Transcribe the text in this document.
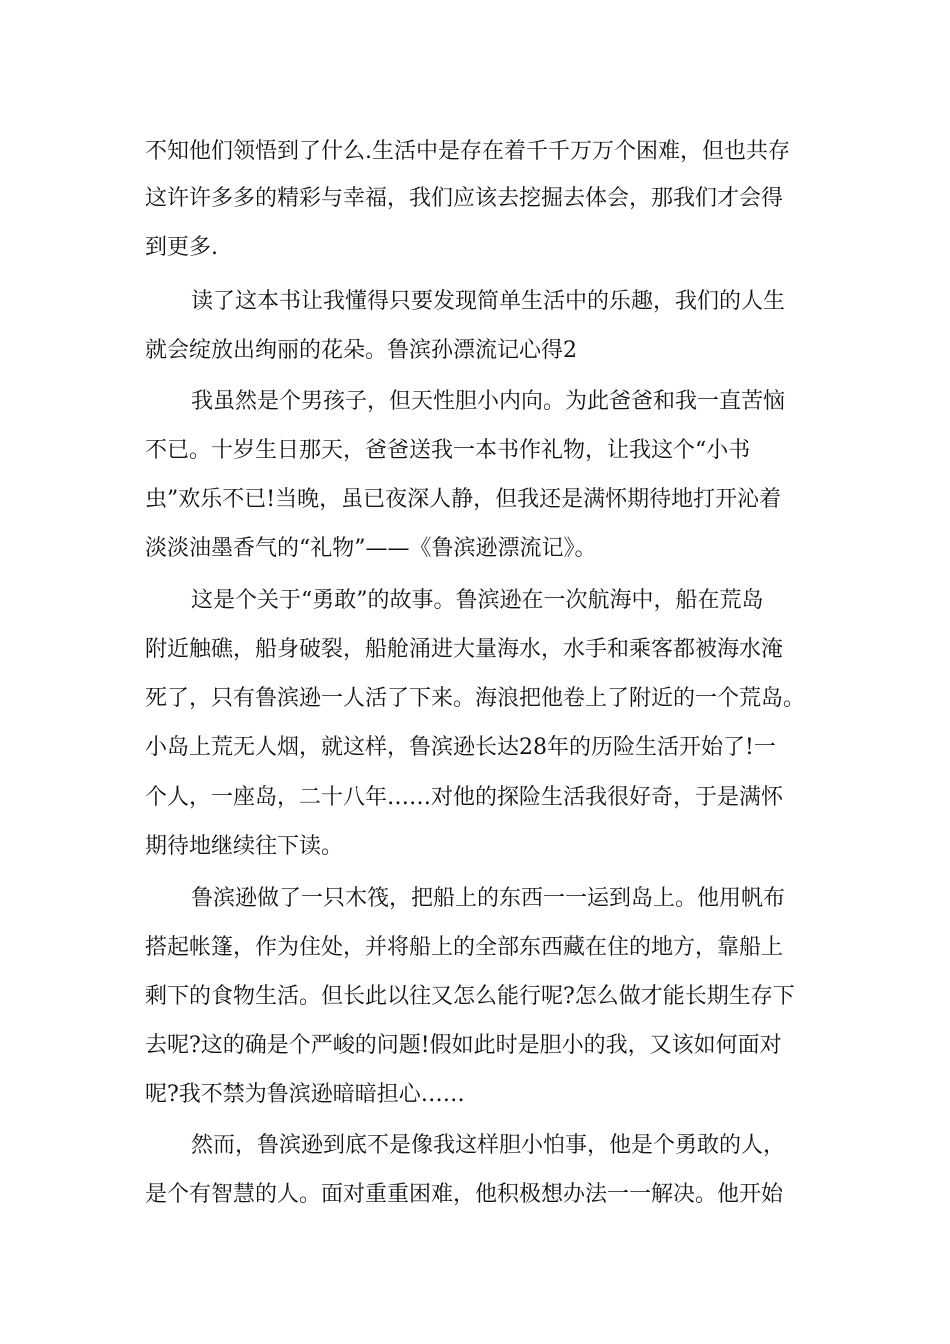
不知他们领悟到了什么.生活中是存在着千千万万个困难，但也共存
这许许多多的精彩与幸福，我们应该去挖掘去体会，那我们才会得
到更多.
读了这本书让我懂得只要发现简单生活中的乐趣，我们的人生
就会绽放出绚丽的花朵。鲁滨孙漂流记心得2
我虽然是个男孩子，但天性胆小内向。为此爸爸和我一直苦恼
不已。十岁生日那天，爸爸送我一本书作礼物，让我这个“小书
虫”欢乐不已!当晚，虽已夜深人静，但我还是满怀期待地打开沁着
淡淡油墨香气的“礼物”——《鲁滨逊漂流记》。
这是个关于“勇敢”的故事。鲁滨逊在一次航海中，船在荒岛
附近触礁，船身破裂，船舱涌进大量海水，水手和乘客都被海水淹
死了，只有鲁滨逊一人活了下来。海浪把他卷上了附近的一个荒岛。
小岛上荒无人烟，就这样，鲁滨逊长达28年的历险生活开始了!一
个人，一座岛，二十八年……对他的探险生活我很好奇，于是满怀
期待地继续往下读。
鲁滨逊做了一只木筏，把船上的东西一一运到岛上。他用帆布
搭起帐篷，作为住处，并将船上的全部东西藏在住的地方，靠船上
剩下的食物生活。但长此以往又怎么能行呢?怎么做才能长期生存下
去呢?这的确是个严峻的问题!假如此时是胆小的我，又该如何面对
呢?我不禁为鲁滨逊暗暗担心……
然而，鲁滨逊到底不是像我这样胆小怕事，他是个勇敢的人，
是个有智慧的人。面对重重困难，他积极想办法一一解决。他开始
